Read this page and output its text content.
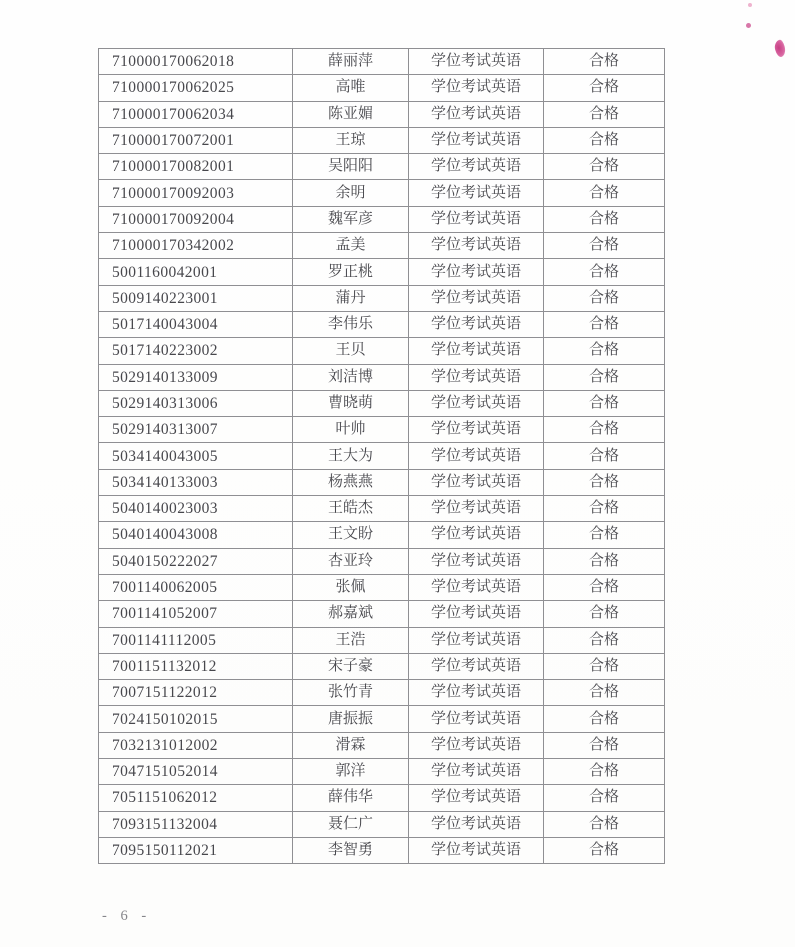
710000170062018	薛丽萍	学位考试英语	合格
710000170062025	高唯	学位考试英语	合格
710000170062034	陈亚媚	学位考试英语	合格
710000170072001	王琼	学位考试英语	合格
710000170082001	吴阳阳	学位考试英语	合格
710000170092003	余明	学位考试英语	合格
710000170092004	魏军彦	学位考试英语	合格
710000170342002	孟美	学位考试英语	合格
5001160042001	罗正桃	学位考试英语	合格
5009140223001	蒲丹	学位考试英语	合格
5017140043004	李伟乐	学位考试英语	合格
5017140223002	王贝	学位考试英语	合格
5029140133009	刘洁博	学位考试英语	合格
5029140313006	曹晓萌	学位考试英语	合格
5029140313007	叶帅	学位考试英语	合格
5034140043005	王大为	学位考试英语	合格
5034140133003	杨燕燕	学位考试英语	合格
5040140023003	王皓杰	学位考试英语	合格
5040140043008	王文盼	学位考试英语	合格
5040150222027	杏亚玲	学位考试英语	合格
7001140062005	张佩	学位考试英语	合格
7001141052007	郝嘉斌	学位考试英语	合格
7001141112005	王浩	学位考试英语	合格
7001151132012	宋子豪	学位考试英语	合格
7007151122012	张竹青	学位考试英语	合格
7024150102015	唐振振	学位考试英语	合格
7032131012002	滑霖	学位考试英语	合格
7047151052014	郭洋	学位考试英语	合格
7051151062012	薛伟华	学位考试英语	合格
7093151132004	聂仁广	学位考试英语	合格
7095150112021	李智勇	学位考试英语	合格
- 6 -
